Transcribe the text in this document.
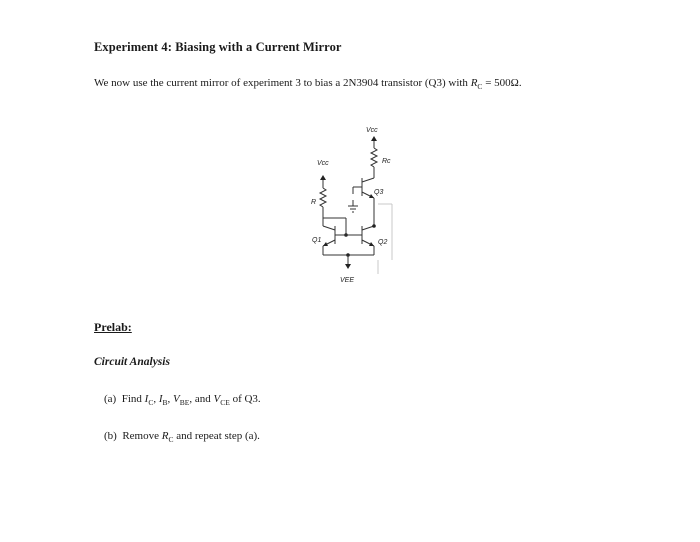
Experiment 4: Biasing with a Current Mirror
We now use the current mirror of experiment 3 to bias a 2N3904 transistor (Q3) with $R_C = 500\Omega$.
Vcc
Rc
Q3
Vcc
R
Q1	Q2
VEE
Prelab:
Circuit Analysis
(a) Find $I_C$, $I_B$, $V_{BE}$, and $V_{CE}$ of Q3.
(b) Remove $R_C$ and repeat step (a).
